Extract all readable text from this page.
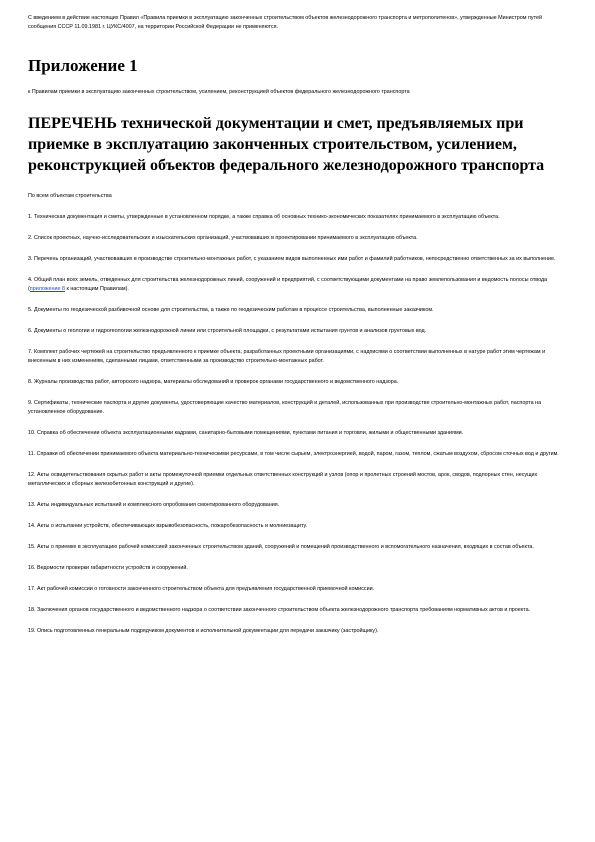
С введением в действие настоящих Правил «Правила приемки в эксплуатацию законченных строительством объектов железнодорожного транспорта и метрополитенов», утвержденные Министром путей сообщения СССР 11.09.1981 г. ЦУКС/4007, на территории Российской Федерации не применяются.

Приложение 1

к Правилам приемки в эксплуатацию законченных строительством, усилением, реконструкцией объектов федерального железнодорожного транспорта

ПЕРЕЧЕНЬ технической документации и смет, предъявляемых при приемке в эксплуатацию законченных строительством, усилением, реконструкцией объектов федерального железнодорожного транспорта

По всем объектам строительства

1. Техническая документация и сметы, утвержденные в установленном порядке, а также справка об основных технико-экономических показателях принимаемого в эксплуатацию объекта.
2. Список проектных, научно-исследовательских и изыскательских организаций, участвовавших в проектировании принимаемого в эксплуатацию объекта.
3. Перечень организаций, участвовавших в производстве строительно-монтажных работ, с указанием видов выполненных ими работ и фамилий работников, непосредственно ответственных за их выполнение.
4. Общий план всех земель, отведенных для строительства железнодорожных линий, сооружений и предприятий, с соответствующими документами на право землепользования и ведомость полосы отвода (приложение 8 к настоящим Правилам).
5. Документы по геодезической разбивочной основе для строительства, а также по геодезическим работам в процессе строительства, выполненные заказчиком.
6. Документы о геологии и гидрогеологии железнодорожной линии или строительной площадки, с результатами испытания грунтов и анализов грунтовых вод.
7. Комплект рабочих чертежей на строительство предъявленного к приемке объекта, разработанных проектными организациями, с надписями о соответствии выполненных в натуре работ этим чертежам и внесенным в них изменениям, сделанными лицами, ответственными за производство строительно-монтажных работ.
8. Журналы производства работ, авторского надзора, материалы обследований и проверок органами государственного и ведомственного надзора.
9. Сертификаты, технические паспорта и другие документы, удостоверяющие качество материалов, конструкций и деталей, использованных при производстве строительно-монтажных работ, паспорта на установленное оборудование.
10. Справка об обеспечении объекта эксплуатационными кадрами, санитарно-бытовыми помещениями, пунктами питания и торговли, жилыми и общественными зданиями.
11. Справки об обеспечении принимаемого объекта материально-техническими ресурсами, в том числе сырьем, электроэнергией, водой, паром, газом, теплом, сжатым воздухом, сбросом сточных вод и другим.
12. Акты освидетельствования скрытых работ и акты промежуточной приемки отдельных ответственных конструкций и узлов (опор и пролетных строений мостов, арок, сводов, подпорных стен, несущих металлических и сборных железобетонных конструкций и другие).
13. Акты индивидуальных испытаний и комплексного опробования смонтированного оборудования.
14. Акты о испытании устройств, обеспечивающих взрывобезопасность, пожаробезопасность и молниезащиту.
15. Акты о приемке в эксплуатацию рабочей комиссией законченных строительством зданий, сооружений и помещений производственного и вспомогательного назначения, входящих в состав объекта.
16. Ведомости проверки габаритности устройств и сооружений.
17. Акт рабочей комиссии о готовности законченного строительством объекта для предъявления государственной приемочной комиссии.
18. Заключения органов государственного и ведомственного надзора о соответствии законченного строительством объекта железнодорожного транспорта требованиям нормативных актов и проекта.
19. Опись подготовленных генеральным подрядчиком документов и исполнительной документации для передачи заказчику (застройщику).
